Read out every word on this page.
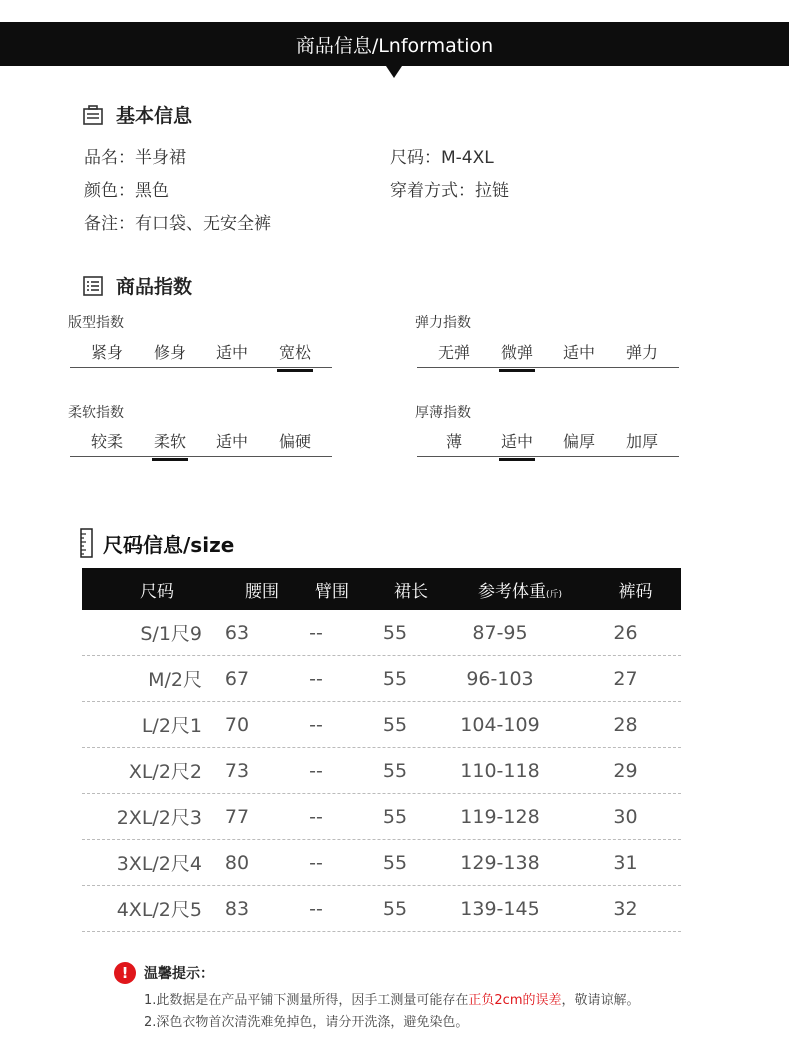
商品信息/Lnformation
基本信息
品名：半身裙	尺码：M-4XL
颜色：黑色	穿着方式：拉链
备注：有口袋、无安全裤
商品指数
版型指数
紧身	修身	适中	宽松
弹力指数
无弹	微弹	适中	弹力
柔软指数
较柔	柔软	适中	偏硬
厚薄指数
薄	适中	偏厚	加厚
尺码信息/size
尺码	腰围	臂围	裙长	参考体重(斤)	裤码
S/1尺9	63	--	55	87-95	26
M/2尺	67	--	55	96-103	27
L/2尺1	70	--	55	104-109	28
XL/2尺2	73	--	55	110-118	29
2XL/2尺3	77	--	55	119-128	30
3XL/2尺4	80	--	55	129-138	31
4XL/2尺5	83	--	55	139-145	32
!	温馨提示：
1.此数据是在产品平铺下测量所得，因手工测量可能存在正负2cm的误差，敬请谅解。
2.深色衣物首次清洗难免掉色，请分开洗涤，避免染色。
